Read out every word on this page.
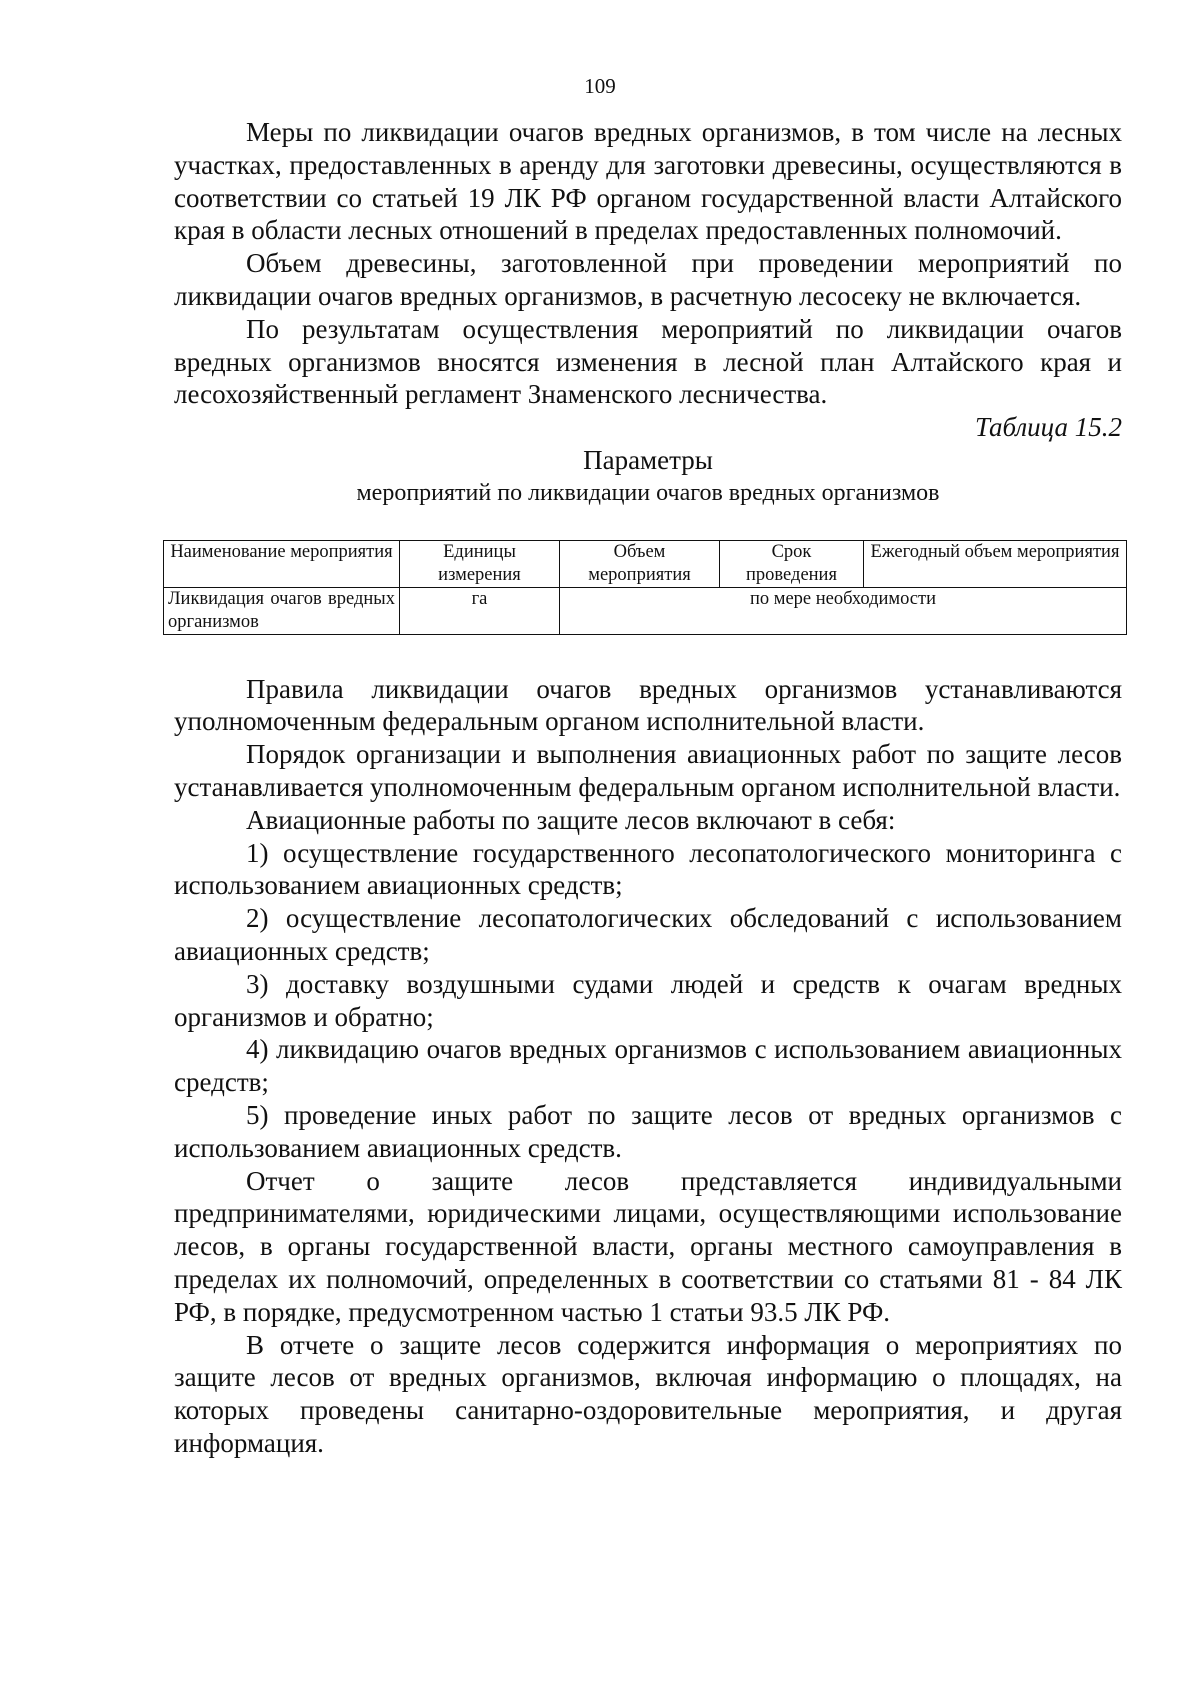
109

Меры по ликвидации очагов вредных организмов, в том числе на лесных участках, предоставленных в аренду для заготовки древесины, осуществляются в соответствии со статьей 19 ЛК РФ органом государственной власти Алтайского края в области лесных отношений в пределах предоставленных полномочий.

Объем древесины, заготовленной при проведении мероприятий по ликвидации очагов вредных организмов, в расчетную лесосеку не включается.

По результатам осуществления мероприятий по ликвидации очагов вредных организмов вносятся изменения в лесной план Алтайского края и лесохозяйственный регламент Знаменского лесничества.

Таблица 15.2

Параметры

мероприятий по ликвидации очагов вредных организмов

Наименование мероприятия	Единицы измерения	Объем мероприятия	Срок проведения	Ежегодный объем мероприятия
Ликвидация очагов вредных организмов	га	по мере необходимости		

Правила ликвидации очагов вредных организмов устанавливаются уполномоченным федеральным органом исполнительной власти.

Порядок организации и выполнения авиационных работ по защите лесов устанавливается уполномоченным федеральным органом исполнительной власти.

Авиационные работы по защите лесов включают в себя:

1) осуществление государственного лесопатологического мониторинга с использованием авиационных средств;

2) осуществление лесопатологических обследований с использованием авиационных средств;

3) доставку воздушными судами людей и средств к очагам вредных организмов и обратно;

4) ликвидацию очагов вредных организмов с использованием авиационных средств;

5) проведение иных работ по защите лесов от вредных организмов с использованием авиационных средств.

Отчет о защите лесов представляется индивидуальными предпринимателями, юридическими лицами, осуществляющими использование лесов, в органы государственной власти, органы местного самоуправления в пределах их полномочий, определенных в соответствии со статьями 81 - 84 ЛК РФ, в порядке, предусмотренном частью 1 статьи 93.5 ЛК РФ.

В отчете о защите лесов содержится информация о мероприятиях по защите лесов от вредных организмов, включая информацию о площадях, на которых проведены санитарно-оздоровительные мероприятия, и другая информация.
